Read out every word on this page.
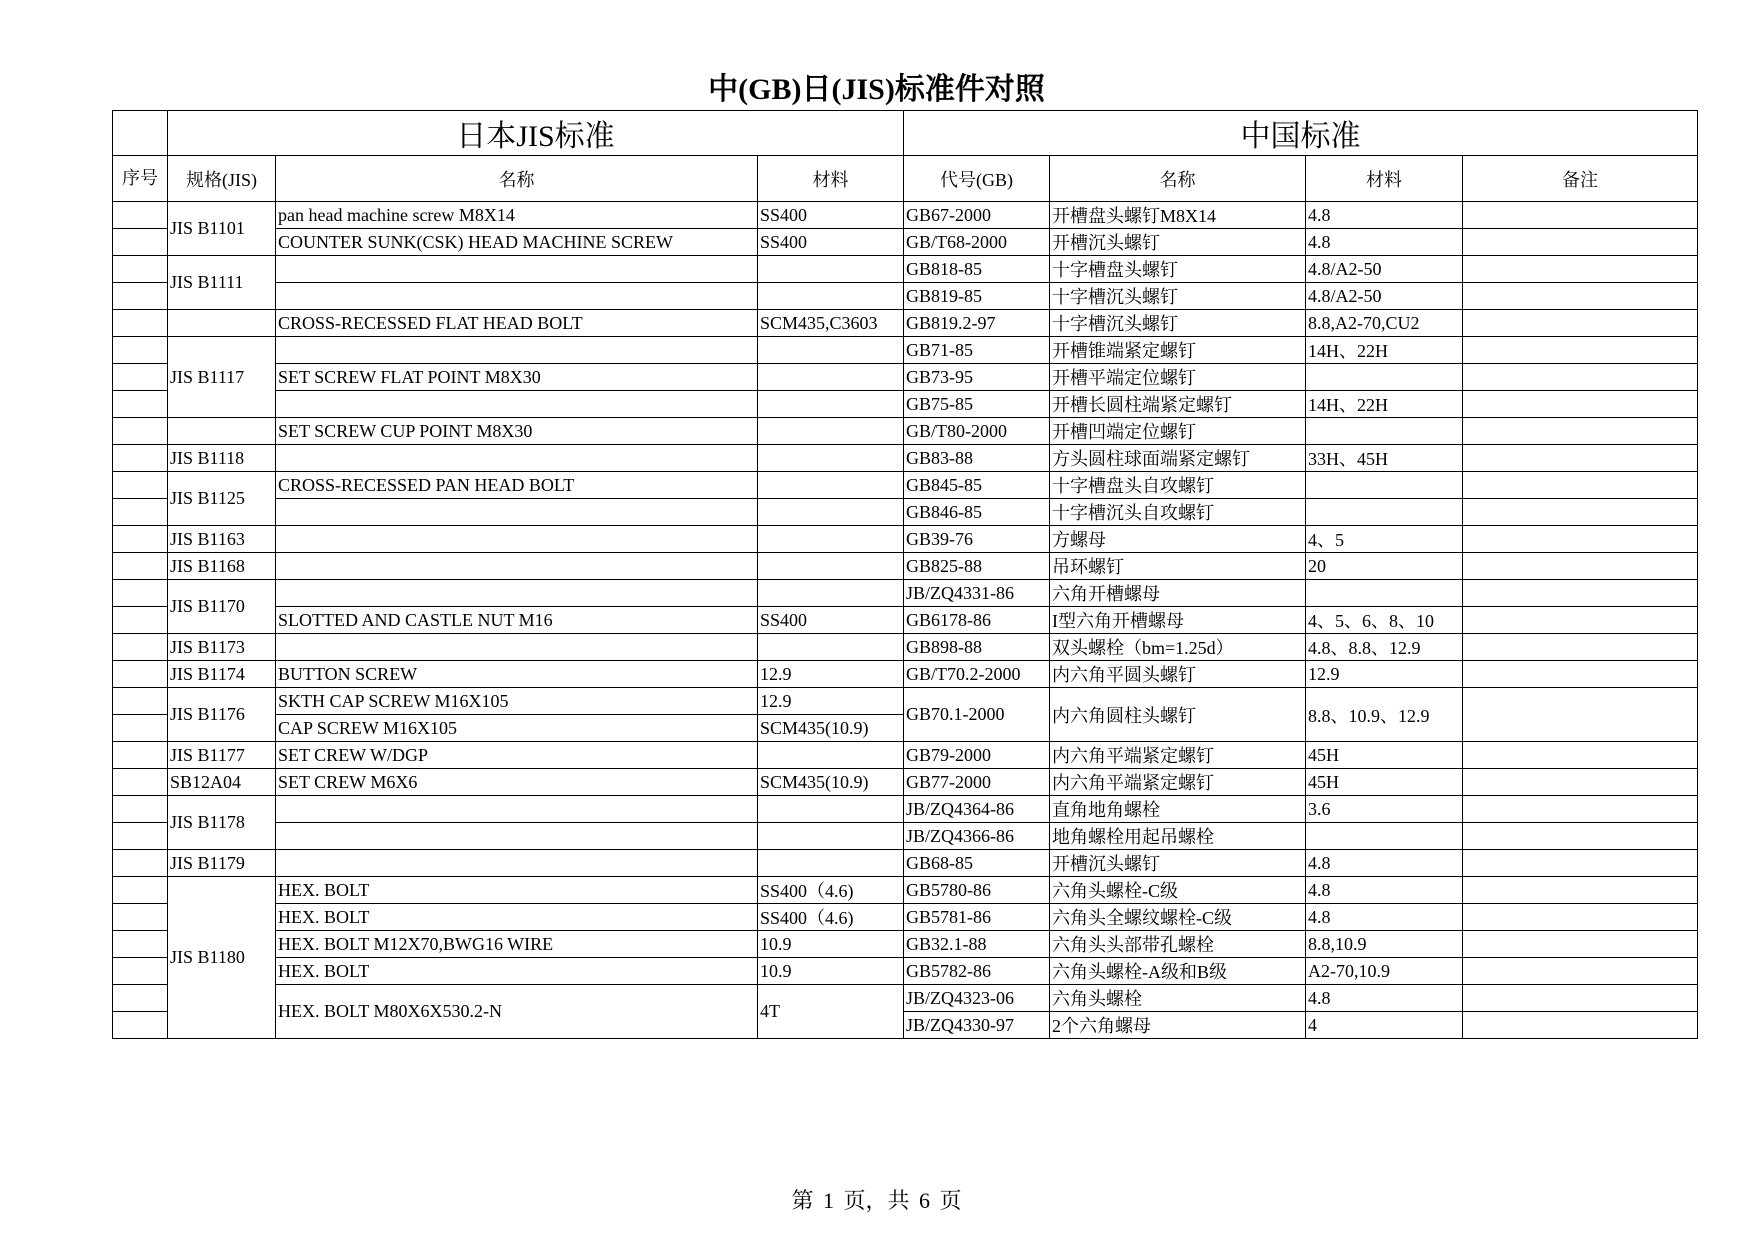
中(GB)日(JIS)标准件对照
	日本JIS标准			中国标准			
序号	规格(JIS)	名称	材料	代号(GB)	名称	材料	备注
	JIS B1101	pan head machine screw M8X14	SS400	GB67-2000	开槽盘头螺钉M8X14	4.8	
		COUNTER SUNK(CSK) HEAD MACHINE SCREW	SS400	GB/T68-2000	开槽沉头螺钉	4.8	
	JIS B1111			GB818-85	十字槽盘头螺钉	4.8/A2-50	
				GB819-85	十字槽沉头螺钉	4.8/A2-50	
		CROSS-RECESSED FLAT HEAD BOLT	SCM435,C3603	GB819.2-97	十字槽沉头螺钉	8.8,A2-70,CU2	
	JIS B1117			GB71-85	开槽锥端紧定螺钉	14H、22H	
		SET SCREW FLAT POINT M8X30		GB73-95	开槽平端定位螺钉		
				GB75-85	开槽长圆柱端紧定螺钉	14H、22H	
		SET SCREW CUP POINT M8X30		GB/T80-2000	开槽凹端定位螺钉		
	JIS B1118			GB83-88	方头圆柱球面端紧定螺钉	33H、45H	
	JIS B1125	CROSS-RECESSED PAN HEAD BOLT		GB845-85	十字槽盘头自攻螺钉		
				GB846-85	十字槽沉头自攻螺钉		
	JIS B1163			GB39-76	方螺母	4、5	
	JIS B1168			GB825-88	吊环螺钉	20	
	JIS B1170			JB/ZQ4331-86	六角开槽螺母		
		SLOTTED AND CASTLE NUT M16	SS400	GB6178-86	I型六角开槽螺母	4、5、6、8、10	
	JIS B1173			GB898-88	双头螺栓（bm=1.25d）	4.8、8.8、12.9	
	JIS B1174	BUTTON SCREW	12.9	GB/T70.2-2000	内六角平圆头螺钉	12.9	
	JIS B1176	SKTH CAP SCREW M16X105	12.9	GB70.1-2000	内六角圆柱头螺钉	8.8、10.9、12.9	
		CAP SCREW M16X105	SCM435(10.9)				
	JIS B1177	SET CREW W/DGP		GB79-2000	内六角平端紧定螺钉	45H	
	SB12A04	SET CREW M6X6	SCM435(10.9)	GB77-2000	内六角平端紧定螺钉	45H	
	JIS B1178			JB/ZQ4364-86	直角地角螺栓	3.6	
				JB/ZQ4366-86	地角螺栓用起吊螺栓		
	JIS B1179			GB68-85	开槽沉头螺钉	4.8	
	JIS B1180	HEX. BOLT	SS400（4.6)	GB5780-86	六角头螺栓-C级	4.8	
		HEX. BOLT	SS400（4.6)	GB5781-86	六角头全螺纹螺栓-C级	4.8	
		HEX. BOLT M12X70,BWG16 WIRE	10.9	GB32.1-88	六角头头部带孔螺栓	8.8,10.9	
		HEX. BOLT	10.9	GB5782-86	六角头螺栓-A级和B级	A2-70,10.9	
		HEX. BOLT M80X6X530.2-N	4T	JB/ZQ4323-06	六角头螺栓	4.8	
				JB/ZQ4330-97	2个六角螺母	4	
第 1 页，共 6 页
